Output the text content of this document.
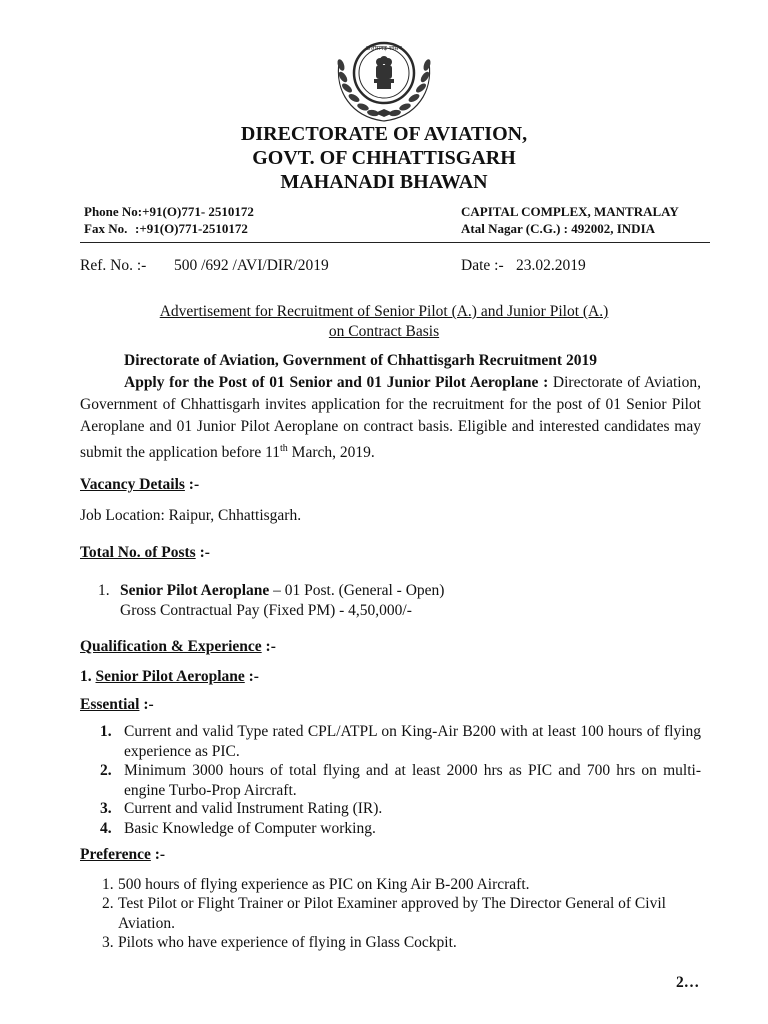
छत्तीसगढ़ शासन
DIRECTORATE OF AVIATION,
GOVT. OF CHHATTISGARH
MAHANADI BHAWAN
Phone No:+91(O)771- 2510172
Fax No. :+91(O)771-2510172
CAPITAL COMPLEX, MANTRALAY
Atal Nagar (C.G.) : 492002, INDIA
Ref. No. :- 500 /692 /AVI/DIR/2019	Date :- 23.02.2019
Advertisement for Recruitment of Senior Pilot (A.) and Junior Pilot (A.)
on Contract Basis
Directorate of Aviation, Government of Chhattisgarh Recruitment 2019
Apply for the Post of 01 Senior and 01 Junior Pilot Aeroplane : Directorate of Aviation, Government of Chhattisgarh invites application for the recruitment for the post of 01 Senior Pilot Aeroplane and 01 Junior Pilot Aeroplane on contract basis. Eligible and interested candidates may submit the application before 11th March, 2019.
Vacancy Details :-
Job Location: Raipur, Chhattisgarh.
Total No. of Posts :-
1. Senior Pilot Aeroplane – 01 Post. (General - Open)
Gross Contractual Pay (Fixed PM) - 4,50,000/-
Qualification & Experience :-
1. Senior Pilot Aeroplane :-
Essential :-
1. Current and valid Type rated CPL/ATPL on King-Air B200 with at least 100 hours of flying experience as PIC.
2. Minimum 3000 hours of total flying and at least 2000 hrs as PIC and 700 hrs on multi-engine Turbo-Prop Aircraft.
3. Current and valid Instrument Rating (IR).
4. Basic Knowledge of Computer working.
Preference :-
1. 500 hours of flying experience as PIC on King Air B-200 Aircraft.
2. Test Pilot or Flight Trainer or Pilot Examiner approved by The Director General of Civil Aviation.
3. Pilots who have experience of flying in Glass Cockpit.
2…
